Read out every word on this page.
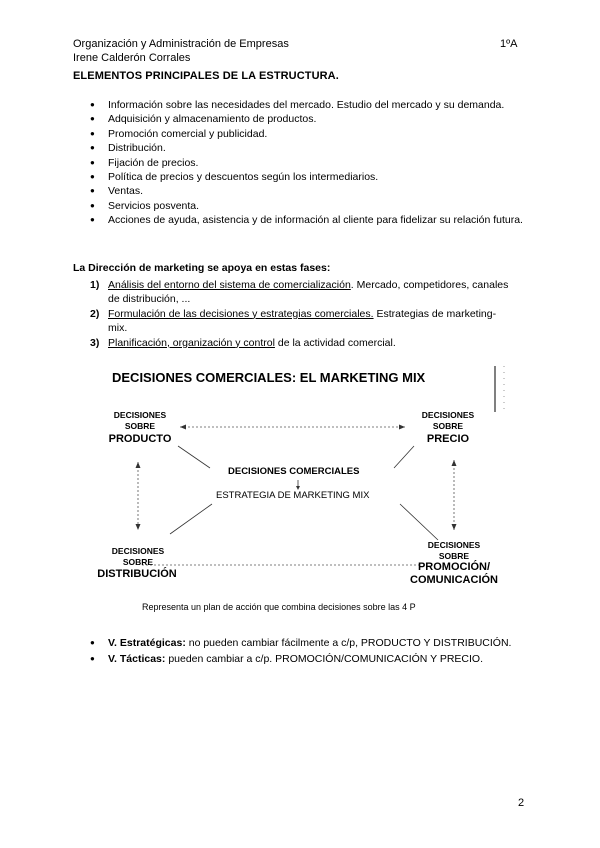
Organización y Administración de Empresas
Irene Calderón Corrales
1ºA
ELEMENTOS PRINCIPALES DE LA ESTRUCTURA.
● Información sobre las necesidades del mercado. Estudio del mercado y su demanda.
● Adquisición y almacenamiento de productos.
● Promoción comercial y publicidad.
● Distribución.
● Fijación de precios.
● Política de precios y descuentos según los intermediarios.
● Ventas.
● Servicios posventa.
● Acciones de ayuda, asistencia y de información al cliente para fidelizar su relación futura.
La Dirección de marketing se apoya en estas fases:
1) Análisis del entorno del sistema de comercialización. Mercado, competidores, canales de distribución, ...
2) Formulación de las decisiones y estrategias comerciales. Estrategias de marketing-mix.
3) Planificación, organización y control de la actividad comercial.
DECISIONES COMERCIALES: EL MARKETING MIX
DECISIONES
SOBRE
PRODUCTO
DECISIONES
SOBRE
PRECIO
DECISIONES COMERCIALES
ESTRATEGIA DE MARKETING MIX
DECISIONES
SOBRE
DISTRIBUCIÓN
DECISIONES
SOBRE
PROMOCIÓN/
COMUNICACIÓN
Representa un plan de acción que combina decisiones sobre las 4 P
● V. Estratégicas: no pueden cambiar fácilmente a c/p, PRODUCTO Y DISTRIBUCIÓN.
● V. Tácticas: pueden cambiar a c/p. PROMOCIÓN/COMUNICACIÓN Y PRECIO.
2
